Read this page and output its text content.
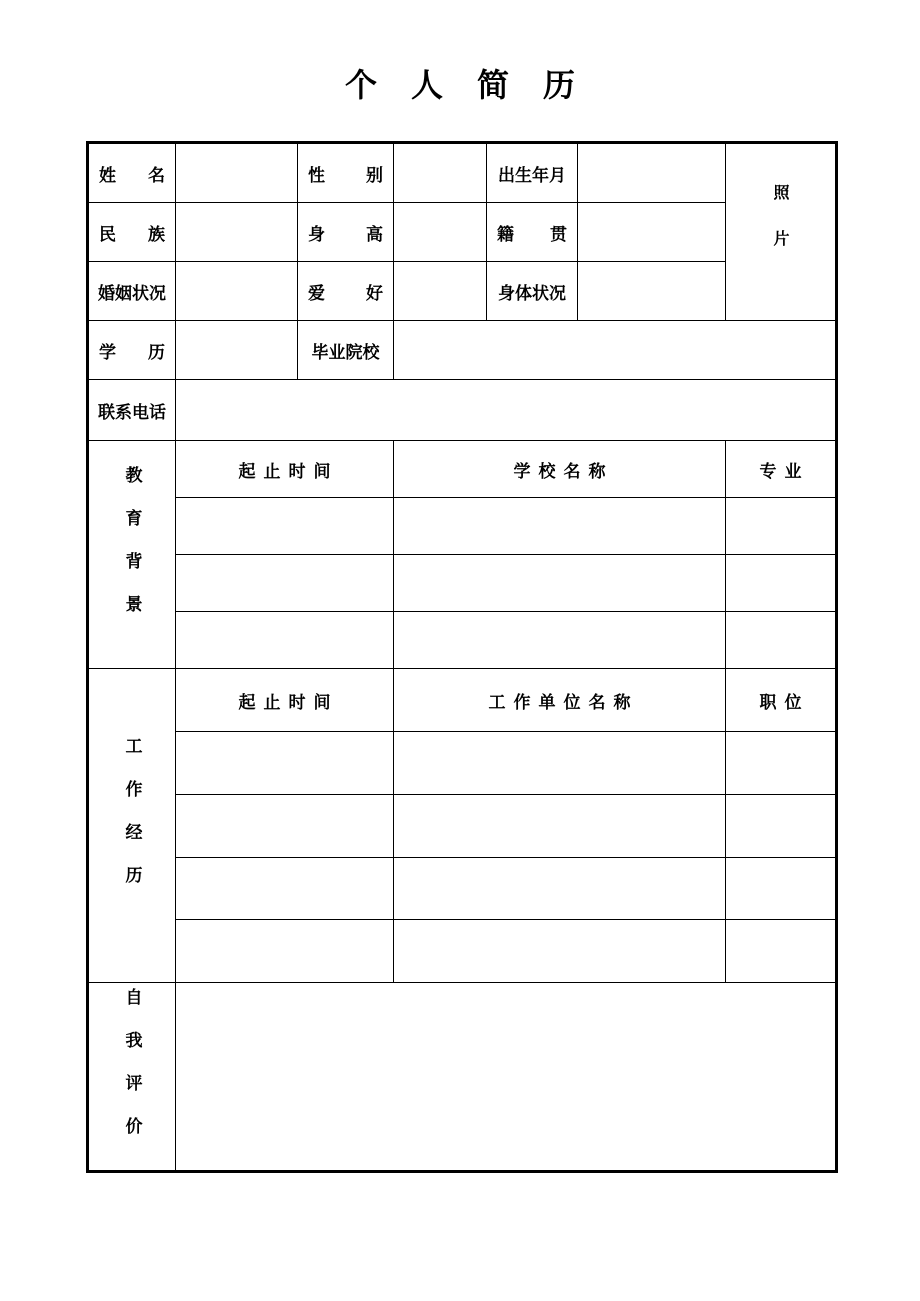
个人简历
姓 名		性 别		出生年月		照片

民 族		身 高		籍 贯		

婚姻状况		爱 好		身体状况		

学 历		毕业院校				
联系电话						
教育背景	起止时间		学校名称			专业

工作经历	起止时间		工作单位名称			职位

自我评价						
